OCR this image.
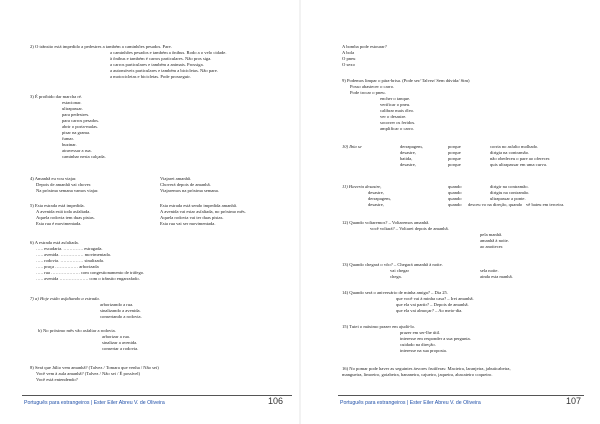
2) O trânsito está impedido a pedestres a também a caminhões pesados. Pare.
a caminhões pesados e também a ônibus. Rodo a o velo cidade.
à ônibus e também é carros particulares. Não pros siga.
a carros particulares e também a animais. Prossiga.
a automóveis particulares e também a bicicletas. Não pare.
a motocicletas e bicicletas. Pode prosseguir.
3) É proibido dar marcha ré.
estacionar.
ultrapassar.
para pedestres.
para carros pesados.
abrir o porta-malas.
pisar na grama.
fumar.
buzinar.
atravessar a rua.
caminhar nesta calçada.
4) Amanhã eu vou viajar.	Viajarei amanhã.
Depois de amanhã vai chover.	Choverá depois de amanhã.
Na próxima semana vamos viajar.	Viajaremos na próxima semana.
5) Esta estrada está impedida.	Esta estrada está sendo impedida amanhã.
A avenida está toda asfaltada.	A avenida vai estar asfaltada, no próximo mês.
Aquela rodovia tem duas pistas.	Aquela rodovia vai ter duas pistas.
Esta rua é movimentada.	Esta rua vai ser movimentada.
6) A estrada está asfaltada.
….. escadaria. …………. estragada.
….. avenida. …………… movimentada.
….. rodovia. …………… sinalizada.
….. praça …………… arborizada
….. rua ………………. com congestionamento de tráfego.
….. avenida ………………. com o trânsito engarrafado.
7) a) Hoje estão asfaltando a estrada.
arborizando a rua.
sinalizando a avenida.
consertando a rodovia.
b) No próximo mês vão asfaltar a rodovia.
arborizar a rua.
sinalizar a avenida.
consertar a rodovia.
8) Será que Júlio vem amanhã? (Talvez / Tomara que venha / Não sei)
Você vem à aula amanhã? (Talvez / Não sei / É possível)
Você está entendendo?
Português para estrangeiros | Ester Eiler Abreu V. de Oliveira	106
A bomba pode estourar?
A bola
O pneu
O sexo
9) Podemos limpar o pára-brisa. (Pode ser/ Talvez/ Sem dúvida/ Sim)
Posso abastecer o carro.
Pode trocar o pneu.
encher o tanque.
verificar o pneu.
calibrar mais óleo.
ver o desastre.
socorrer os feridos.
amplificar o carro.
10) Ibia se	derrapagem,	porque	corria no asfalto molhado.
desastre,	porque	dirigia na contramão.
batida,	porque	não obedeceu o pare ao oferecer.
desastre,	porque	quis ultrapassar em uma curva.
11) Haveria desastre,	quando	dirigir na contramão.
desastre,	quando	dirigiu na contramão.
derrapagem,	quando	ultrapassar a ponte.
desastre,	quando desceu vo na direção, quando vê bateu em terceira.
12) Quando voltaremos? – Voltaremos amanhã.
você voltará? – Voltarei depois de amanhã.
pela manhã.
amanhã à noite.
ao anoitecer.
13) Quando chegará o vôo? – Chegará amanhã à noite.
vai chegar	sela noite.
chega.	ainda esta manhã.
14) Quando será o aniversário de minha amiga? – Dia 25.
que você vai à minha casa? – Irei amanhã.
que ela vai partir? – Depois de amanhã.
que ela vai almoçar? – Ao meio-dia.
15) Tutei o máximo prazer em ajudá-lo.
prazer em ser-lhe útil.
interesse em responder a sua pergunta.
cuidado na direção.
interesse na sua proposta.
16) No pomar pode haver as seguintes árvores frutíferas: Macieira, laranjeira, jabuticabeira,
mangueira, limoeiro, goiabeira, bananeira, cajueiro, jaqueira, abacateiro coqueiro.
Português para estrangeiros | Ester Eiler Abreu V. de Oliveira	107
